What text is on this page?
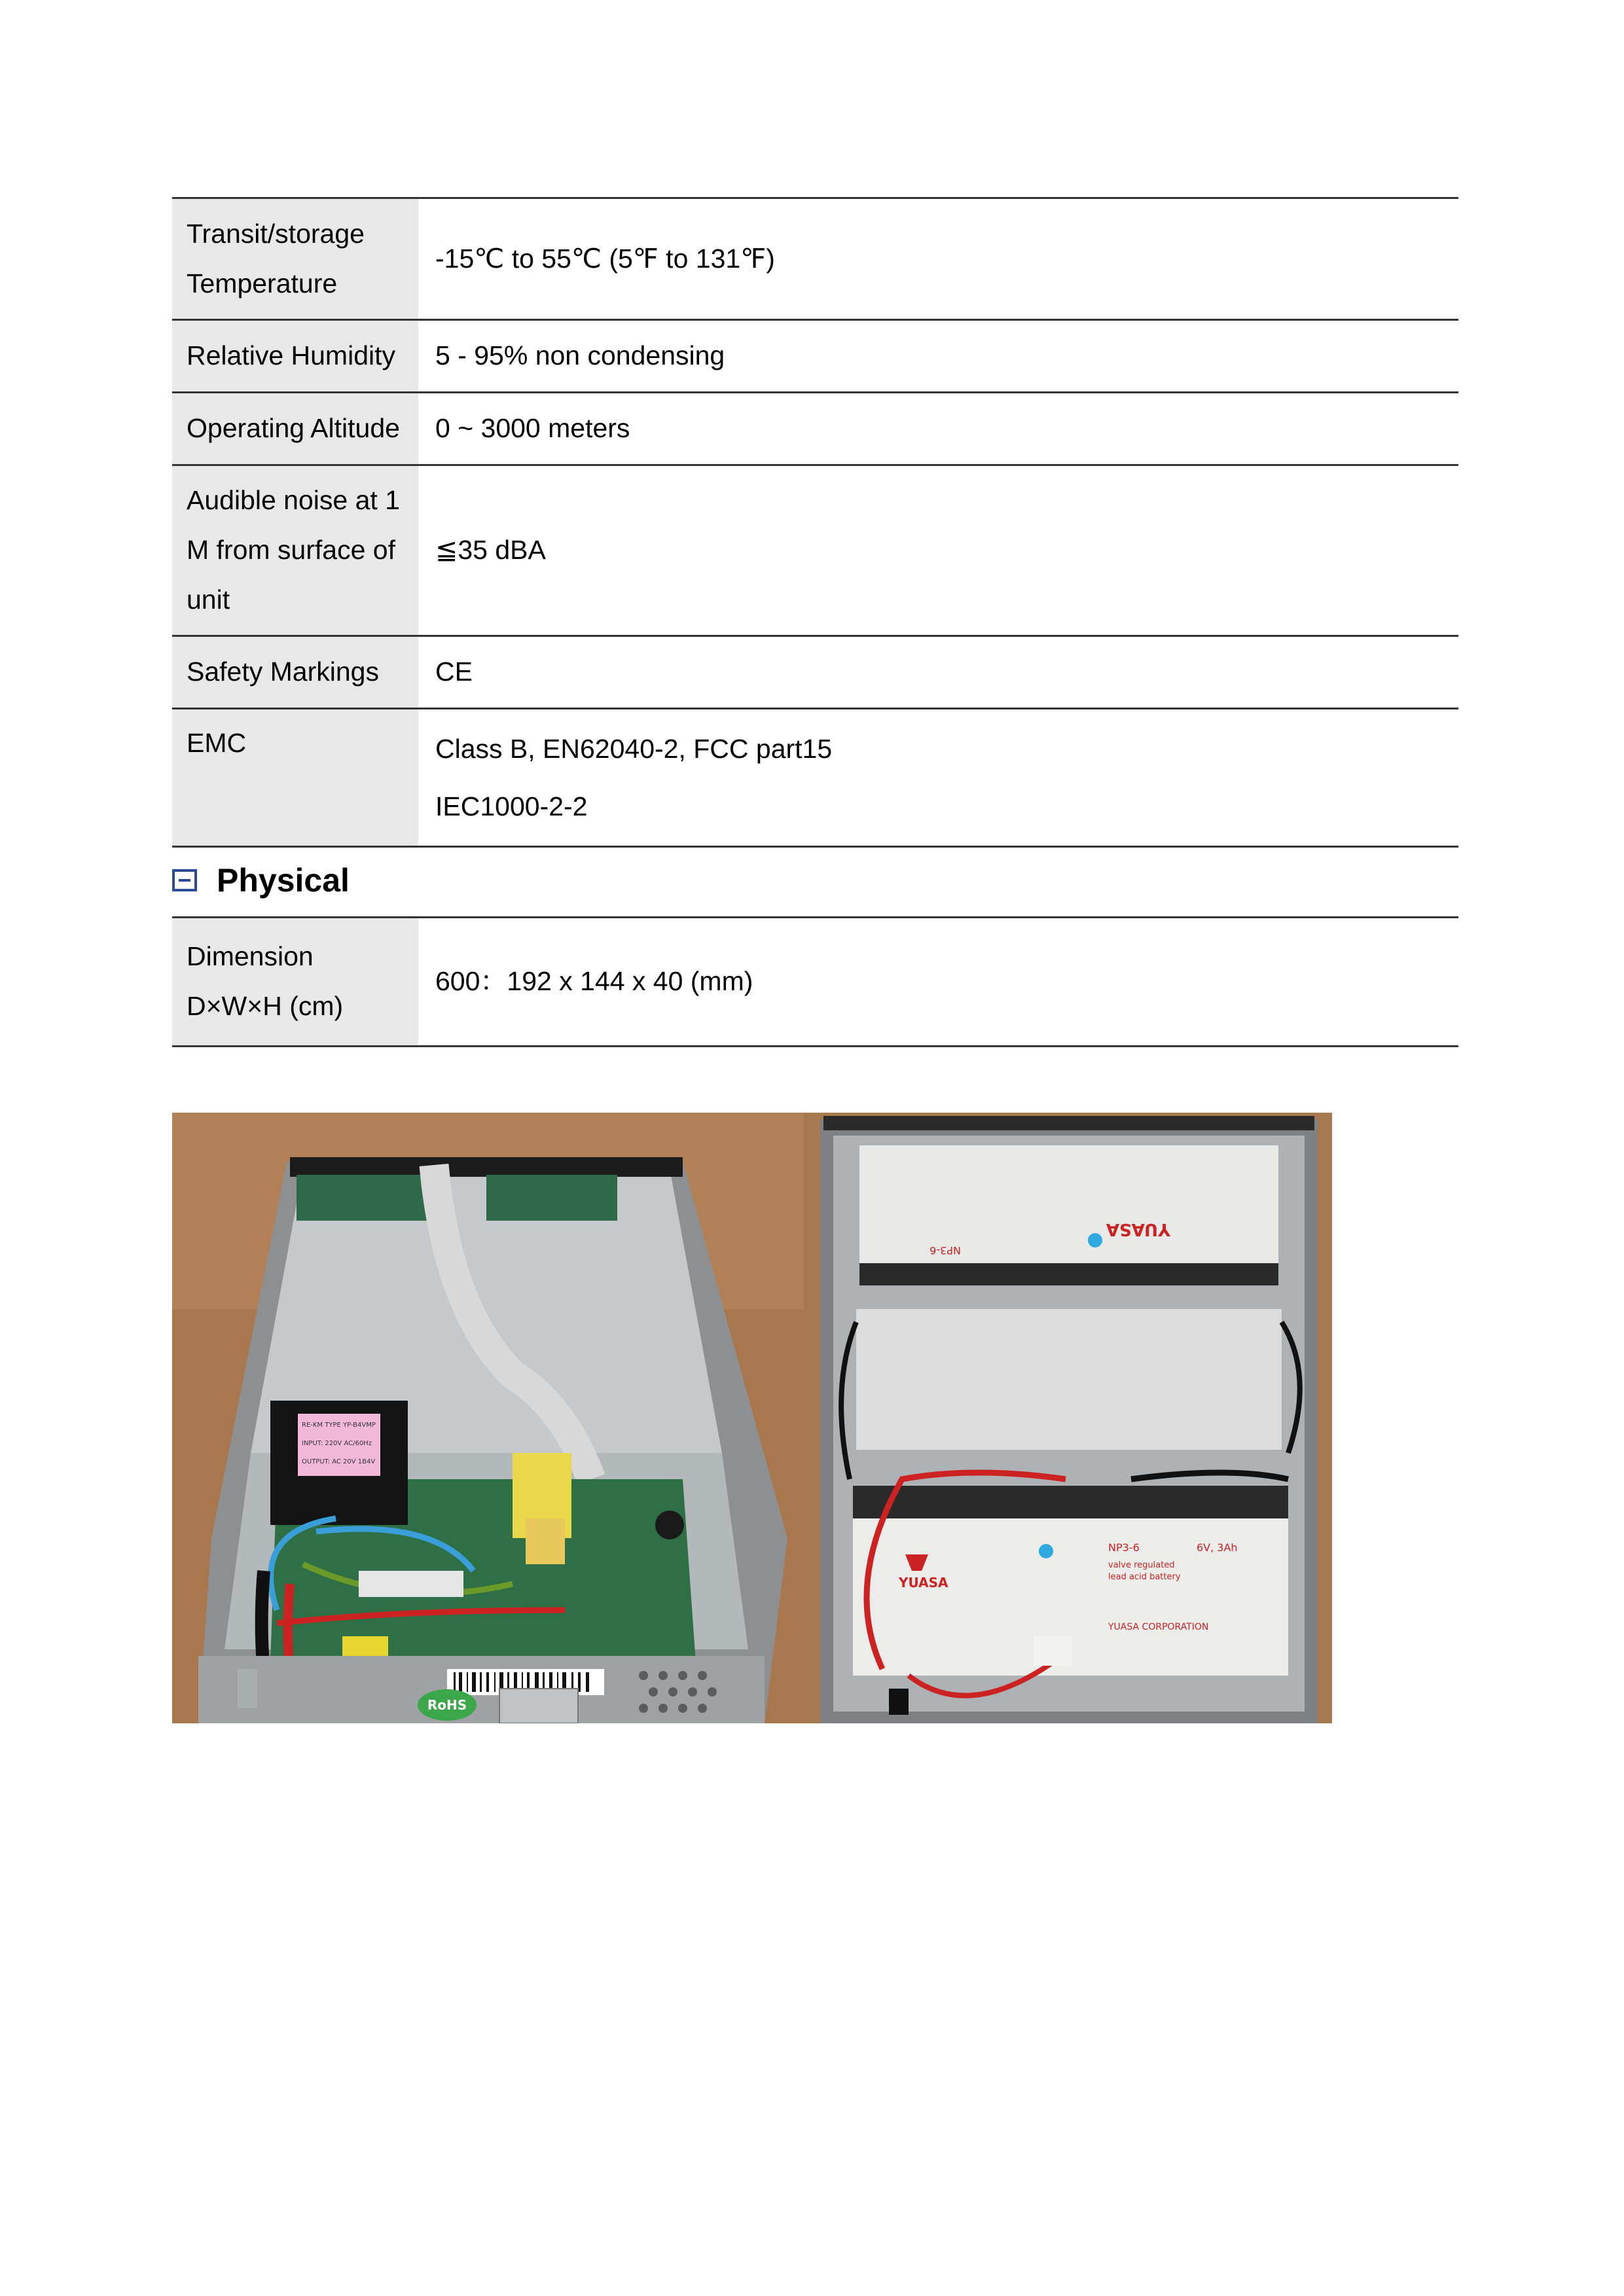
Transit/storage
Temperature	-15℃ to 55℃ (5℉ to 131℉)
Relative Humidity	5 - 95% non condensing
Operating Altitude	0 ~ 3000 meters
Audible noise at 1
M from surface of
unit	≦35 dBA
Safety Markings	CE
EMC	Class B, EN62040-2, FCC part15
IEC1000-2-2
Physical
Dimension
D×W×H (cm)	600：192 x 144 x 40 (mm)
RE-KM TYPE YP-B4VMP
INPUT: 220V AC/60Hz
OUTPUT: AC 20V 1B4V
RoHS
YUASA
NP3-6
YUASA
NP3-6	6V, 3Ah
valve regulated
lead acid battery
YUASA CORPORATION
